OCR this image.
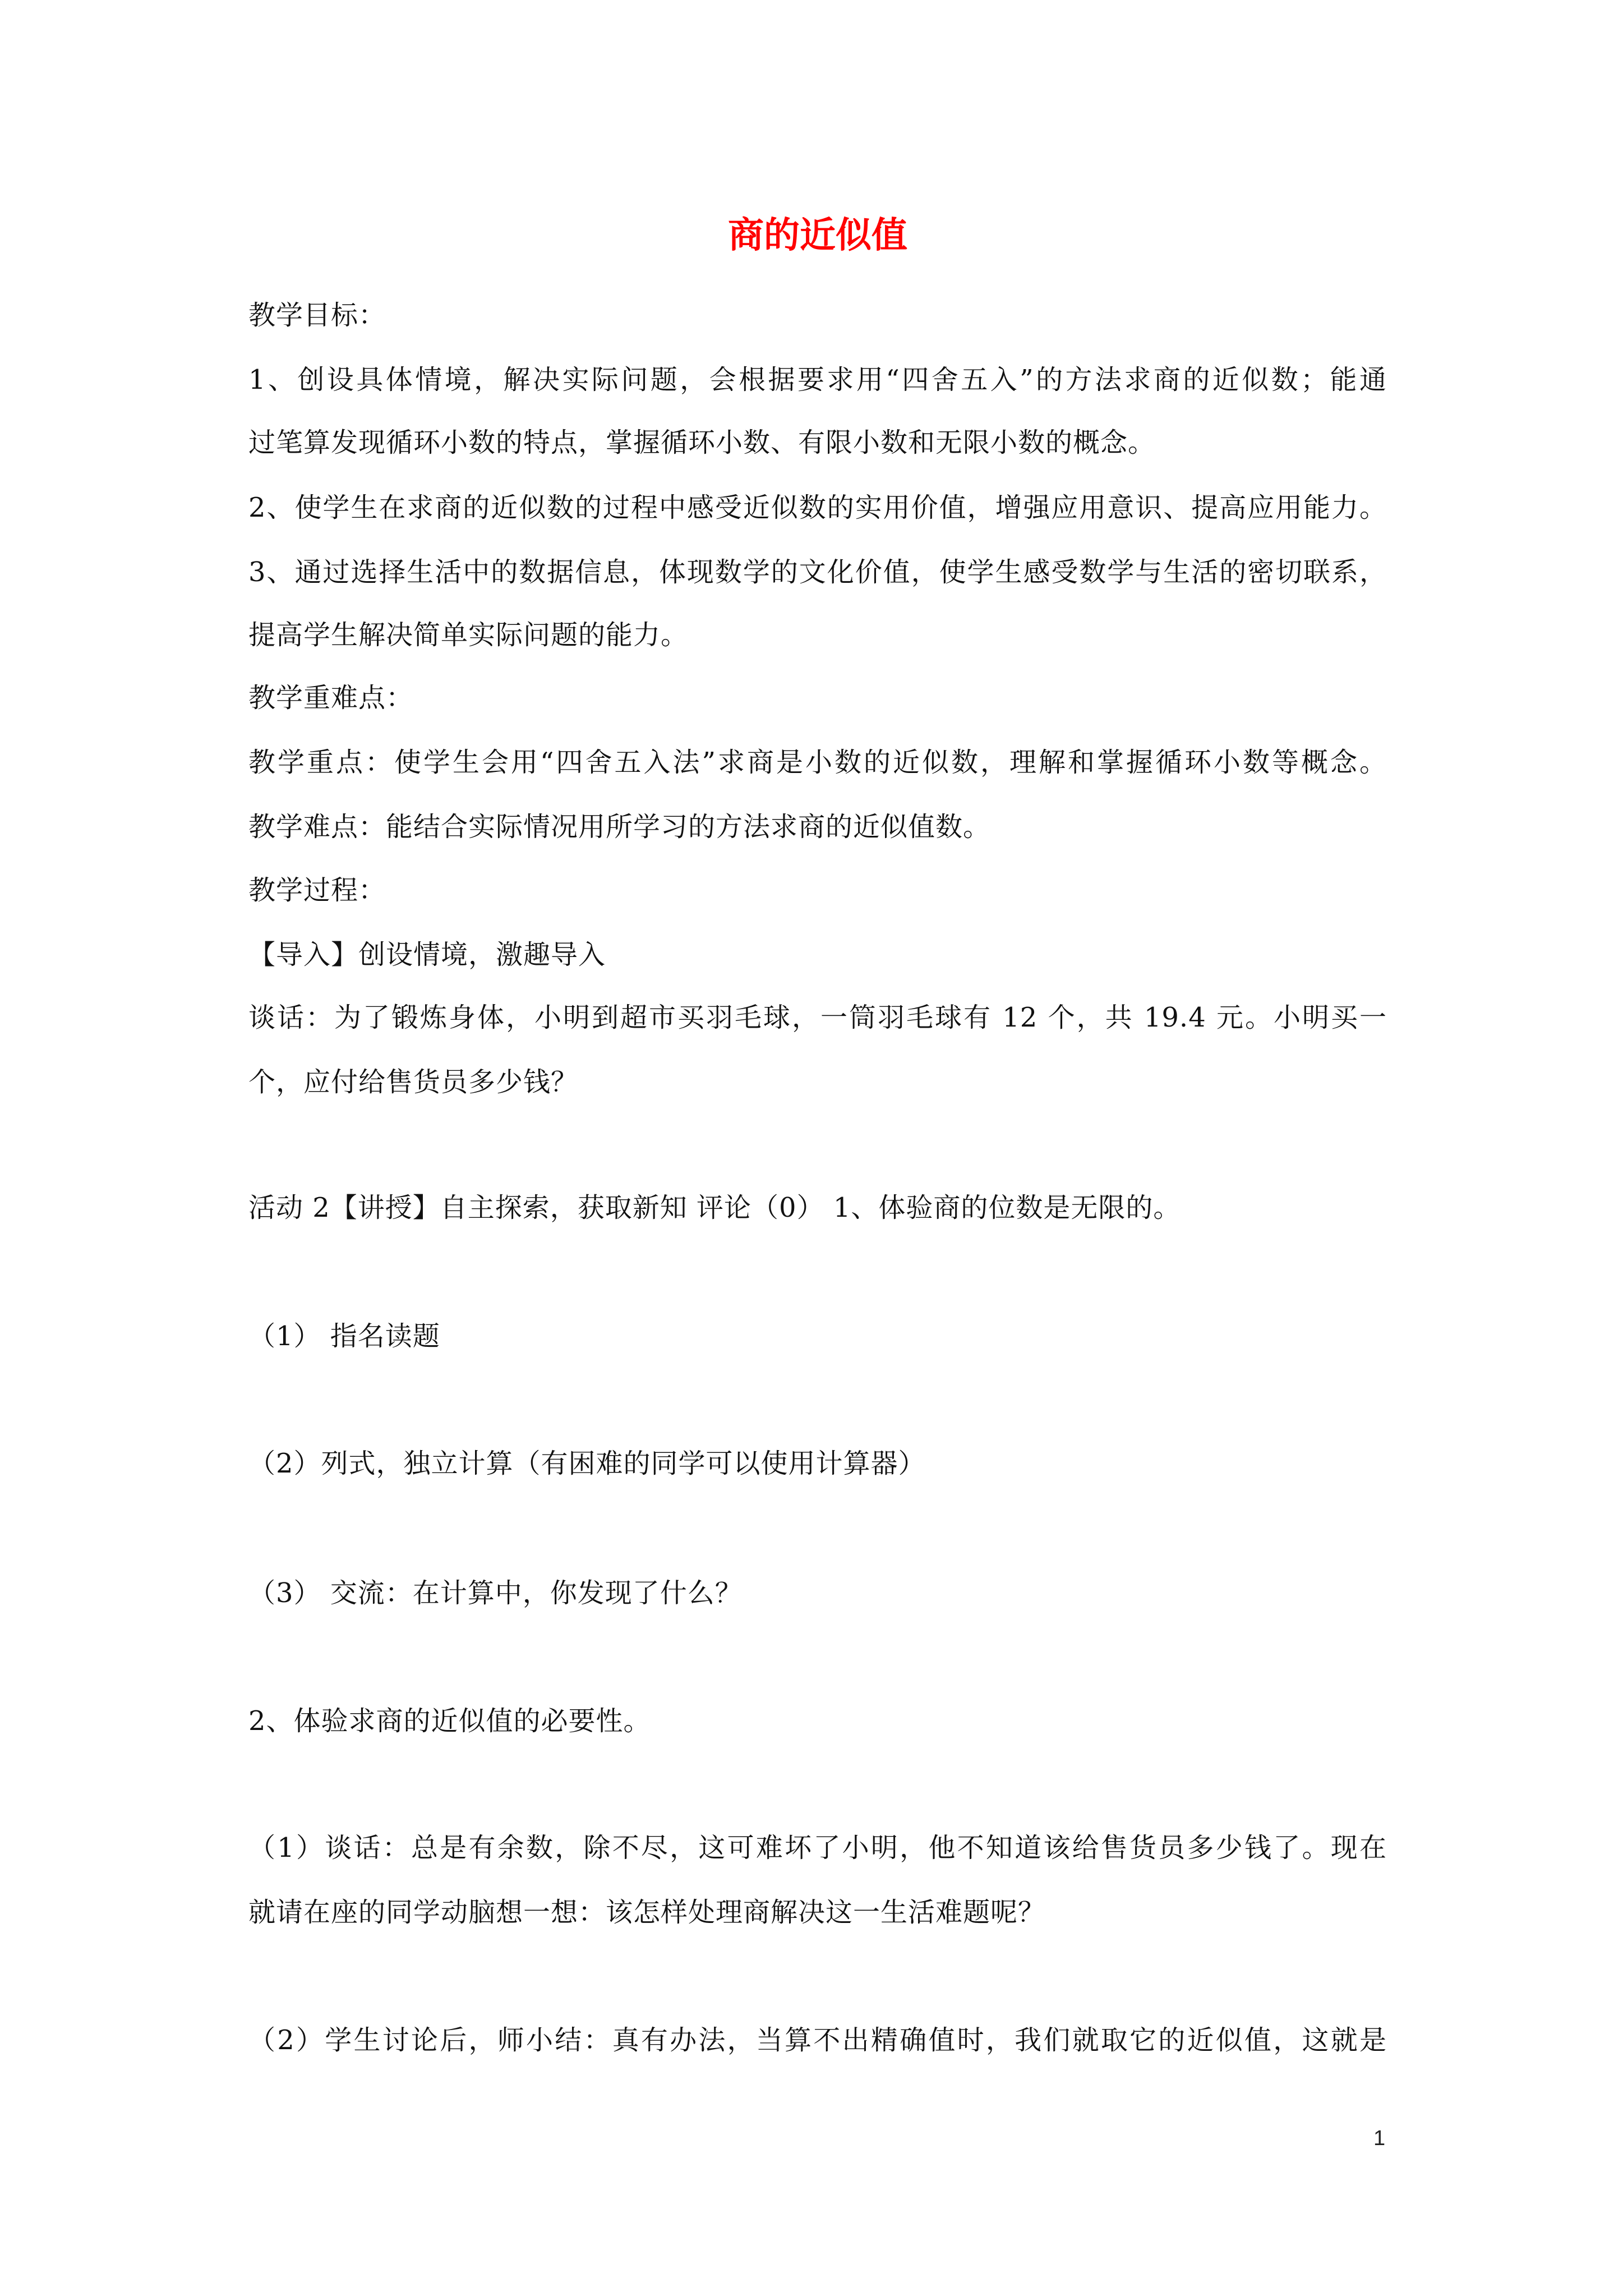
商的近似值
教学目标：
1、创设具体情境，解决实际问题，会根据要求用“四舍五入”的方法求商的近似数；能通
过笔算发现循环小数的特点，掌握循环小数、有限小数和无限小数的概念。
2、使学生在求商的近似数的过程中感受近似数的实用价值，增强应用意识、提高应用能力。
3、通过选择生活中的数据信息，体现数学的文化价值，使学生感受数学与生活的密切联系，
提高学生解决简单实际问题的能力。
教学重难点：
教学重点：使学生会用“四舍五入法”求商是小数的近似数，理解和掌握循环小数等概念。
教学难点：能结合实际情况用所学习的方法求商的近似值数。
教学过程：
【导入】创设情境，激趣导入
谈话：为了锻炼身体，小明到超市买羽毛球，一筒羽毛球有 12 个，共 19.4 元。小明买一
个，应付给售货员多少钱？
活动 2【讲授】自主探索，获取新知 评论（0） 1、体验商的位数是无限的。
（1） 指名读题
（2）列式，独立计算（有困难的同学可以使用计算器）
（3） 交流：在计算中，你发现了什么？
2、体验求商的近似值的必要性。
（1）谈话：总是有余数，除不尽，这可难坏了小明，他不知道该给售货员多少钱了。现在
就请在座的同学动脑想一想：该怎样处理商解决这一生活难题呢？
（2）学生讨论后，师小结：真有办法，当算不出精确值时，我们就取它的近似值，这就是
1
